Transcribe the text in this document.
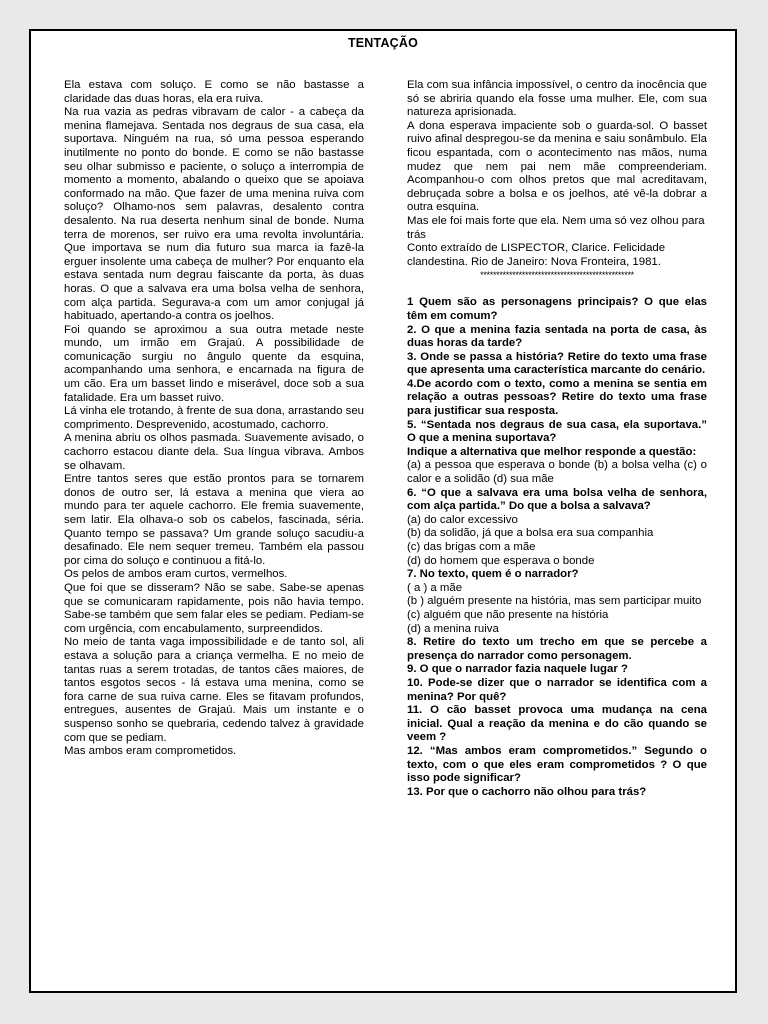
TENTAÇÃO

Ela estava com soluço. E como se não bastasse a claridade das duas horas, ela era ruiva.

Na rua vazia as pedras vibravam de calor - a cabeça da menina flamejava. Sentada nos degraus de sua casa, ela suportava. Ninguém na rua, só uma pessoa esperando inutilmente no ponto do bonde. E como se não bastasse seu olhar submisso e paciente, o soluço a interrompia de momento a momento, abalando o queixo que se apoiava conformado na mão. Que fazer de uma menina ruiva com soluço? Olhamo-nos sem palavras, desalento contra desalento. Na rua deserta nenhum sinal de bonde. Numa terra de morenos, ser ruivo era uma revolta involuntária. Que importava se num dia futuro sua marca ia fazê-la erguer insolente uma cabeça de mulher? Por enquanto ela estava sentada num degrau faiscante da porta, às duas horas. O que a salvava era uma bolsa velha de senhora, com alça partida. Segurava-a com um amor conjugal já habituado, apertando-a contra os joelhos.

Foi quando se aproximou a sua outra metade neste mundo, um irmão em Grajaú. A possibilidade de comunicação surgiu no ângulo quente da esquina, acompanhando uma senhora, e encarnada na figura de um cão. Era um basset lindo e miserável, doce sob a sua fatalidade. Era um basset ruivo.

Lá vinha ele trotando, à frente de sua dona, arrastando seu comprimento. Desprevenido, acostumado, cachorro.

A menina abriu os olhos pasmada. Suavemente avisado, o cachorro estacou diante dela. Sua língua vibrava. Ambos se olhavam.

Entre tantos seres que estão prontos para se tornarem donos de outro ser, lá estava a menina que viera ao mundo para ter aquele cachorro. Ele fremia suavemente, sem latir. Ela olhava-o sob os cabelos, fascinada, séria. Quanto tempo se passava? Um grande soluço sacudiu-a desafinado. Ele nem sequer tremeu. Também ela passou por cima do soluço e continuou a fitá-lo.

Os pelos de ambos eram curtos, vermelhos.

Que foi que se disseram? Não se sabe. Sabe-se apenas que se comunicaram rapidamente, pois não havia tempo. Sabe-se também que sem falar eles se pediam. Pediam-se com urgência, com encabulamento, surpreendidos.

No meio de tanta vaga impossibilidade e de tanto sol, ali estava a solução para a criança vermelha. E no meio de tantas ruas a serem trotadas, de tantos cães maiores, de tantos esgotos secos - lá estava uma menina, como se fora carne de sua ruiva carne. Eles se fitavam profundos, entregues, ausentes de Grajaú. Mais um instante e o suspenso sonho se quebraria, cedendo talvez à gravidade com que se pediam.

Mas ambos eram comprometidos.

Ela com sua infância impossível, o centro da inocência que só se abriria quando ela fosse uma mulher. Ele, com sua natureza aprisionada.

A dona esperava impaciente sob o guarda-sol. O basset ruivo afinal despregou-se da menina e saiu sonâmbulo. Ela ficou espantada, com o acontecimento nas mãos, numa mudez que nem pai nem mãe compreenderiam. Acompanhou-o com olhos pretos que mal acreditavam, debruçada sobre a bolsa e os joelhos, até vê-la dobrar a outra esquina.

Mas ele foi mais forte que ela. Nem uma só vez olhou para trás

Conto extraído de LISPECTOR, Clarice. Felicidade clandestina. Rio de Janeiro: Nova Fronteira, 1981.

************************************************

1 Quem são as personagens principais? O que elas têm em comum?

2. O que a menina fazia sentada na porta de casa, às duas horas da tarde?

3. Onde se passa a história? Retire do texto uma frase que apresenta uma característica marcante do cenário.

4.De acordo com o texto, como a menina se sentia em relação a outras pessoas? Retire do texto uma frase para justificar sua resposta.

5. “Sentada nos degraus de sua casa, ela suportava.” O que a menina suportava?

Indique a alternativa que melhor responde a questão:

(a) a pessoa que esperava o bonde (b) a bolsa velha (c) o calor e a solidão (d) sua mãe

6. “O que a salvava era uma bolsa velha de senhora, com alça partida.” Do que a bolsa a salvava?

(a) do calor excessivo

(b) da solidão, já que a bolsa era sua companhia

(c) das brigas com a mãe

(d) do homem que esperava o bonde

7. No texto, quem é o narrador?

( a ) a mãe

(b ) alguém presente na história, mas sem participar muito

(c) alguém que não presente na história

(d) a menina ruiva

8. Retire do texto um trecho em que se percebe a presença do narrador como personagem.

9. O que o narrador fazia naquele lugar ?

10. Pode-se dizer que o narrador se identifica com a menina? Por quê?

11. O cão basset provoca uma mudança na cena inicial. Qual a reação da menina e do cão quando se veem ?

12. “Mas ambos eram comprometidos.” Segundo o texto, com o que eles eram comprometidos ? O que isso pode significar?

13. Por que o cachorro não olhou para trás?
